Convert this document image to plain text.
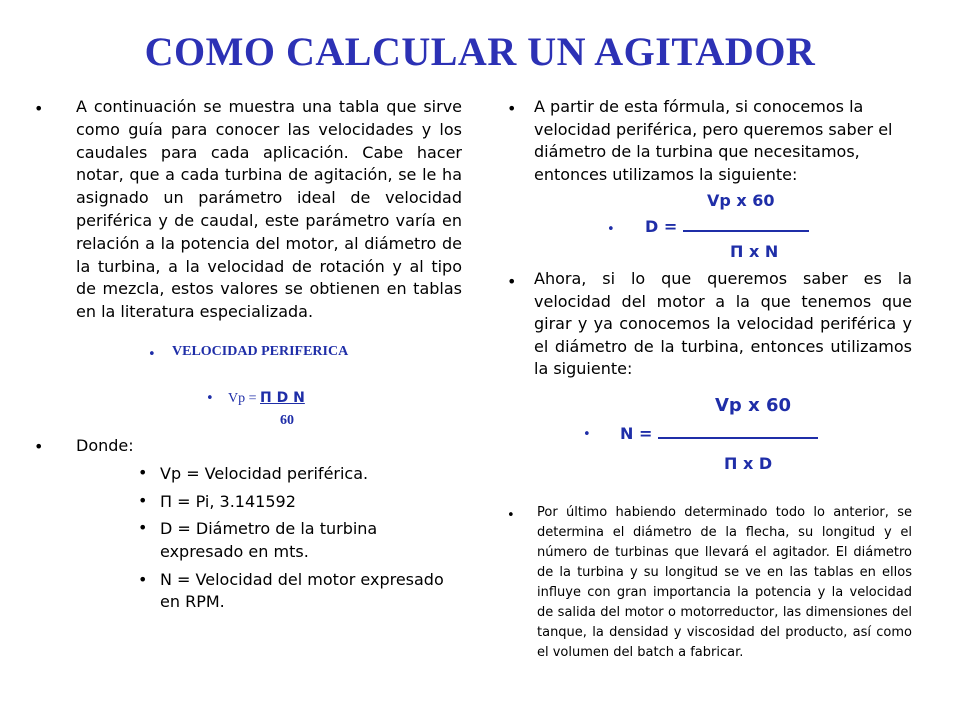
COMO CALCULAR UN AGITADOR
• A continuación se muestra una tabla que sirve como guía para conocer las velocidades y los caudales para cada aplicación. Cabe hacer notar, que a cada turbina de agitación, se le ha asignado un parámetro ideal de velocidad periférica y de caudal, este parámetro varía en relación a la potencia del motor, al diámetro de la turbina, a la velocidad de rotación y al tipo de mezcla, estos valores se obtienen en tablas en la literatura especializada.

• VELOCIDAD PERIFERICA
• Vp = Π D N
60
• Donde:
• Vp = Velocidad periférica.
• Π = Pi, 3.141592
• D = Diámetro de la turbina expresado en mts.
• N = Velocidad del motor expresado en RPM.
• A partir de esta fórmula, si conocemos la velocidad periférica, pero queremos saber el diámetro de la turbina que necesitamos, entonces utilizamos la siguiente:

Vp x 60
• D =
Π x N
• Ahora, si lo que queremos saber es la velocidad del motor a la que tenemos que girar y ya conocemos la velocidad periférica y el diámetro de la turbina, entonces utilizamos la siguiente:

Vp x 60
• N =
Π x D
• Por último habiendo determinado todo lo anterior, se determina el diámetro de la flecha, su longitud y el número de turbinas que llevará el agitador. El diámetro de la turbina y su longitud se ve en las tablas en ellos influye con gran importancia la potencia y la velocidad de salida del motor o motorreductor, las dimensiones del tanque, la densidad y viscosidad del producto, así como el volumen del batch a fabricar.
